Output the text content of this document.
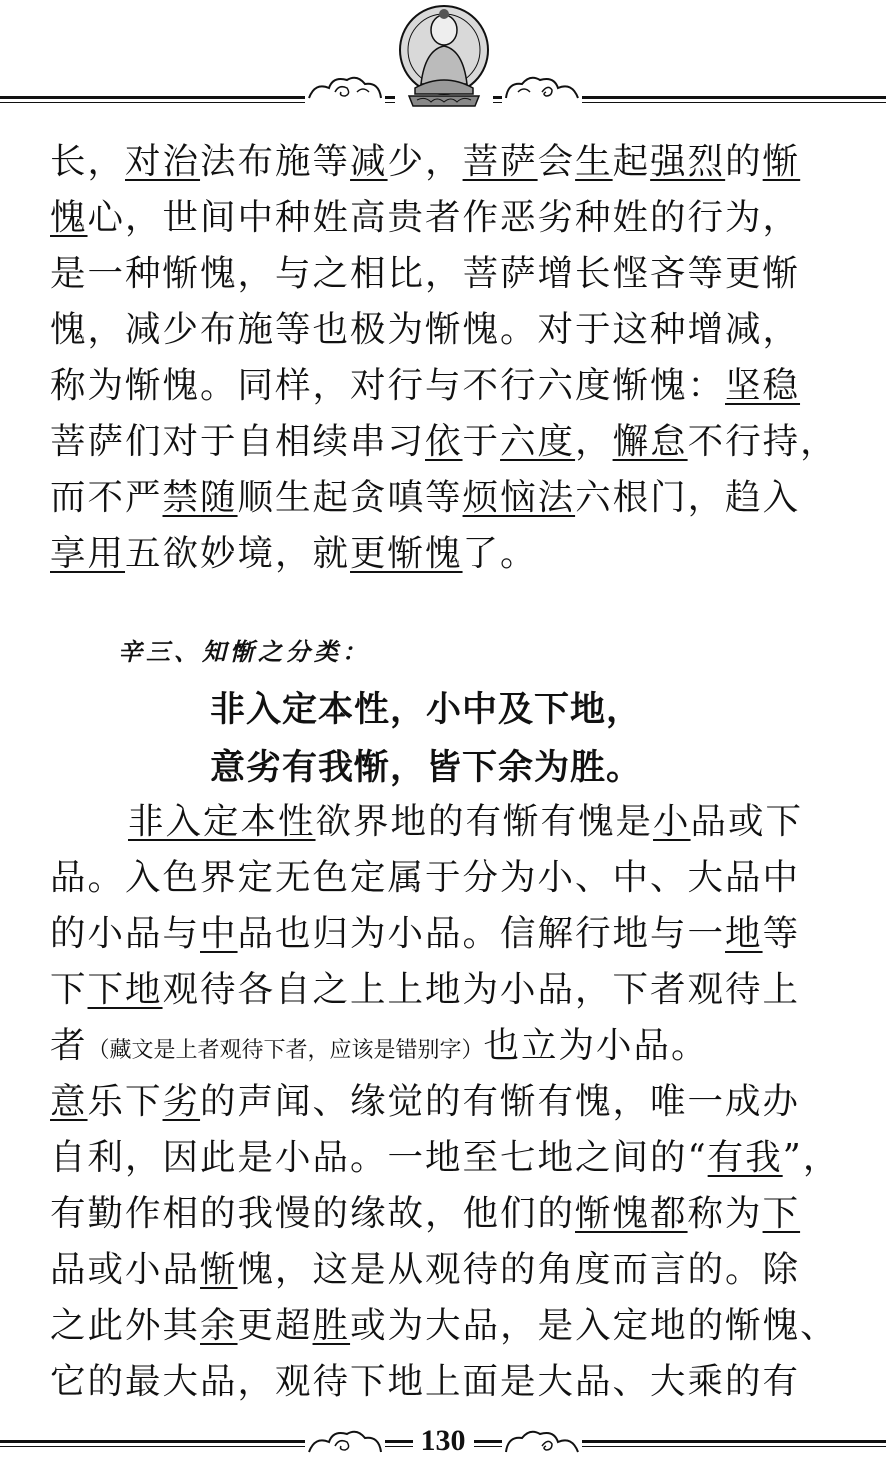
长，对治法布施等减少，菩萨会生起强烈的惭
愧心，世间中种姓高贵者作恶劣种姓的行为，
是一种惭愧，与之相比，菩萨增长悭吝等更惭
愧，减少布施等也极为惭愧。对于这种增减，
称为惭愧。同样，对行与不行六度惭愧：坚稳
菩萨们对于自相续串习依于六度，懈怠不行持，
而不严禁随顺生起贪嗔等烦恼法六根门，趋入
享用五欲妙境，就更惭愧了。
辛三、知惭之分类：
非入定本性，小中及下地，
意劣有我惭，皆下余为胜。
非入定本性欲界地的有惭有愧是小品或下
品。入色界定无色定属于分为小、中、大品中
的小品与中品也归为小品。信解行地与一地等
下下地观待各自之上上地为小品，下者观待上
者（藏文是上者观待下者，应该是错别字）也立为小品。
意乐下劣的声闻、缘觉的有惭有愧，唯一成办
自利，因此是小品。一地至七地之间的“有我”，
有勤作相的我慢的缘故，他们的惭愧都称为下
品或小品惭愧，这是从观待的角度而言的。除
之此外其余更超胜或为大品，是入定地的惭愧、
它的最大品，观待下地上面是大品、大乘的有
130
